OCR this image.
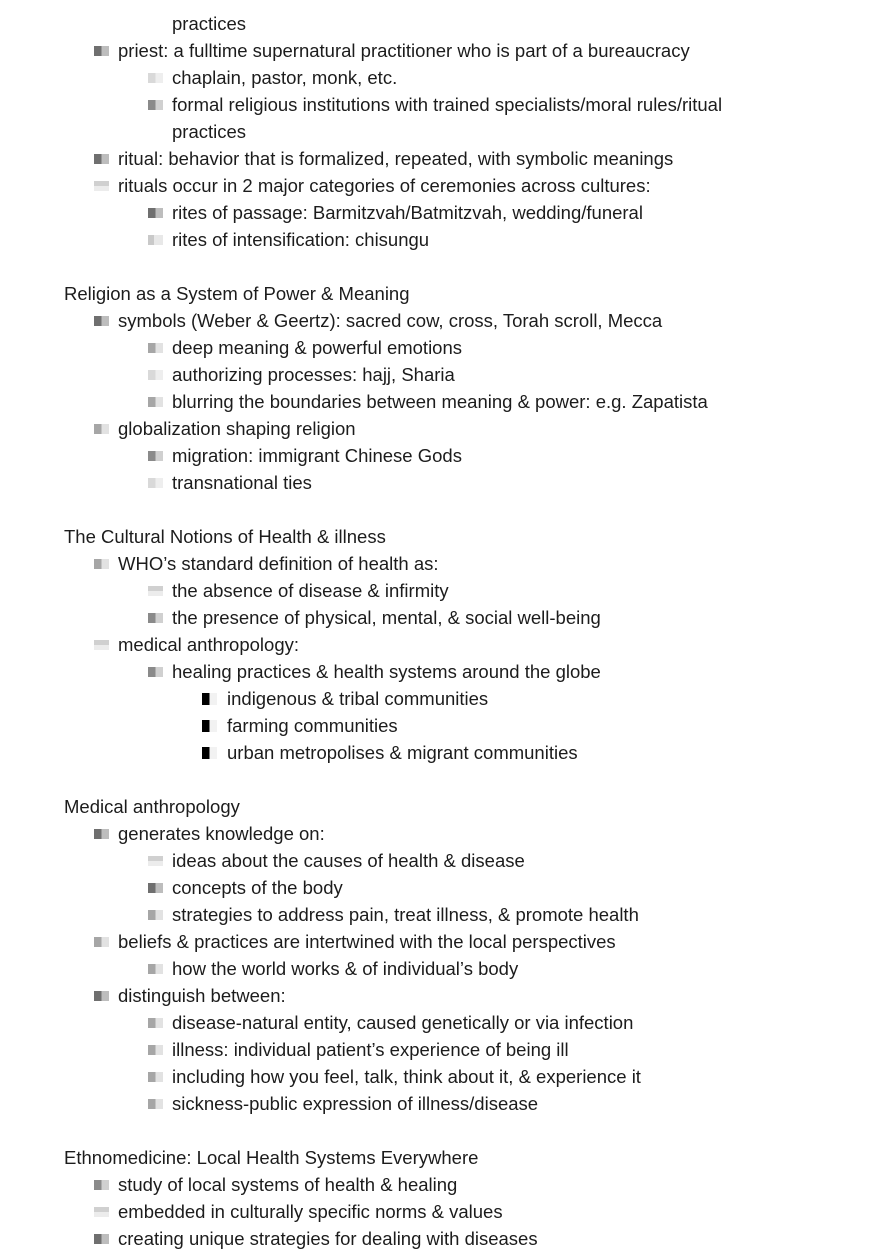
practices
priest: a fulltime supernatural practitioner who is part of a bureaucracy
chaplain, pastor, monk, etc.
formal religious institutions with trained specialists/moral rules/ritual
practices
ritual: behavior that is formalized, repeated, with symbolic meanings
rituals occur in 2 major categories of ceremonies across cultures:
rites of passage: Barmitzvah/Batmitzvah, wedding/funeral
rites of intensification: chisungu
Religion as a System of Power & Meaning
symbols (Weber & Geertz): sacred cow, cross, Torah scroll, Mecca
deep meaning & powerful emotions
authorizing processes: hajj, Sharia
blurring the boundaries between meaning & power: e.g. Zapatista
globalization shaping religion
migration: immigrant Chinese Gods
transnational ties
The Cultural Notions of Health & illness
WHO’s standard definition of health as:
the absence of disease & infirmity
the presence of physical, mental, & social well-being
medical anthropology:
healing practices & health systems around the globe
indigenous & tribal communities
farming communities
urban metropolises & migrant communities
Medical anthropology
generates knowledge on:
ideas about the causes of health & disease
concepts of the body
strategies to address pain, treat illness, & promote health
beliefs & practices are intertwined with the local perspectives
how the world works & of individual’s body
distinguish between:
disease-natural entity, caused genetically or via infection
illness: individual patient’s experience of being ill
including how you feel, talk, think about it, & experience it
sickness-public expression of illness/disease
Ethnomedicine: Local Health Systems Everywhere
study of local systems of health & healing
embedded in culturally specific norms & values
creating unique strategies for dealing with diseases
